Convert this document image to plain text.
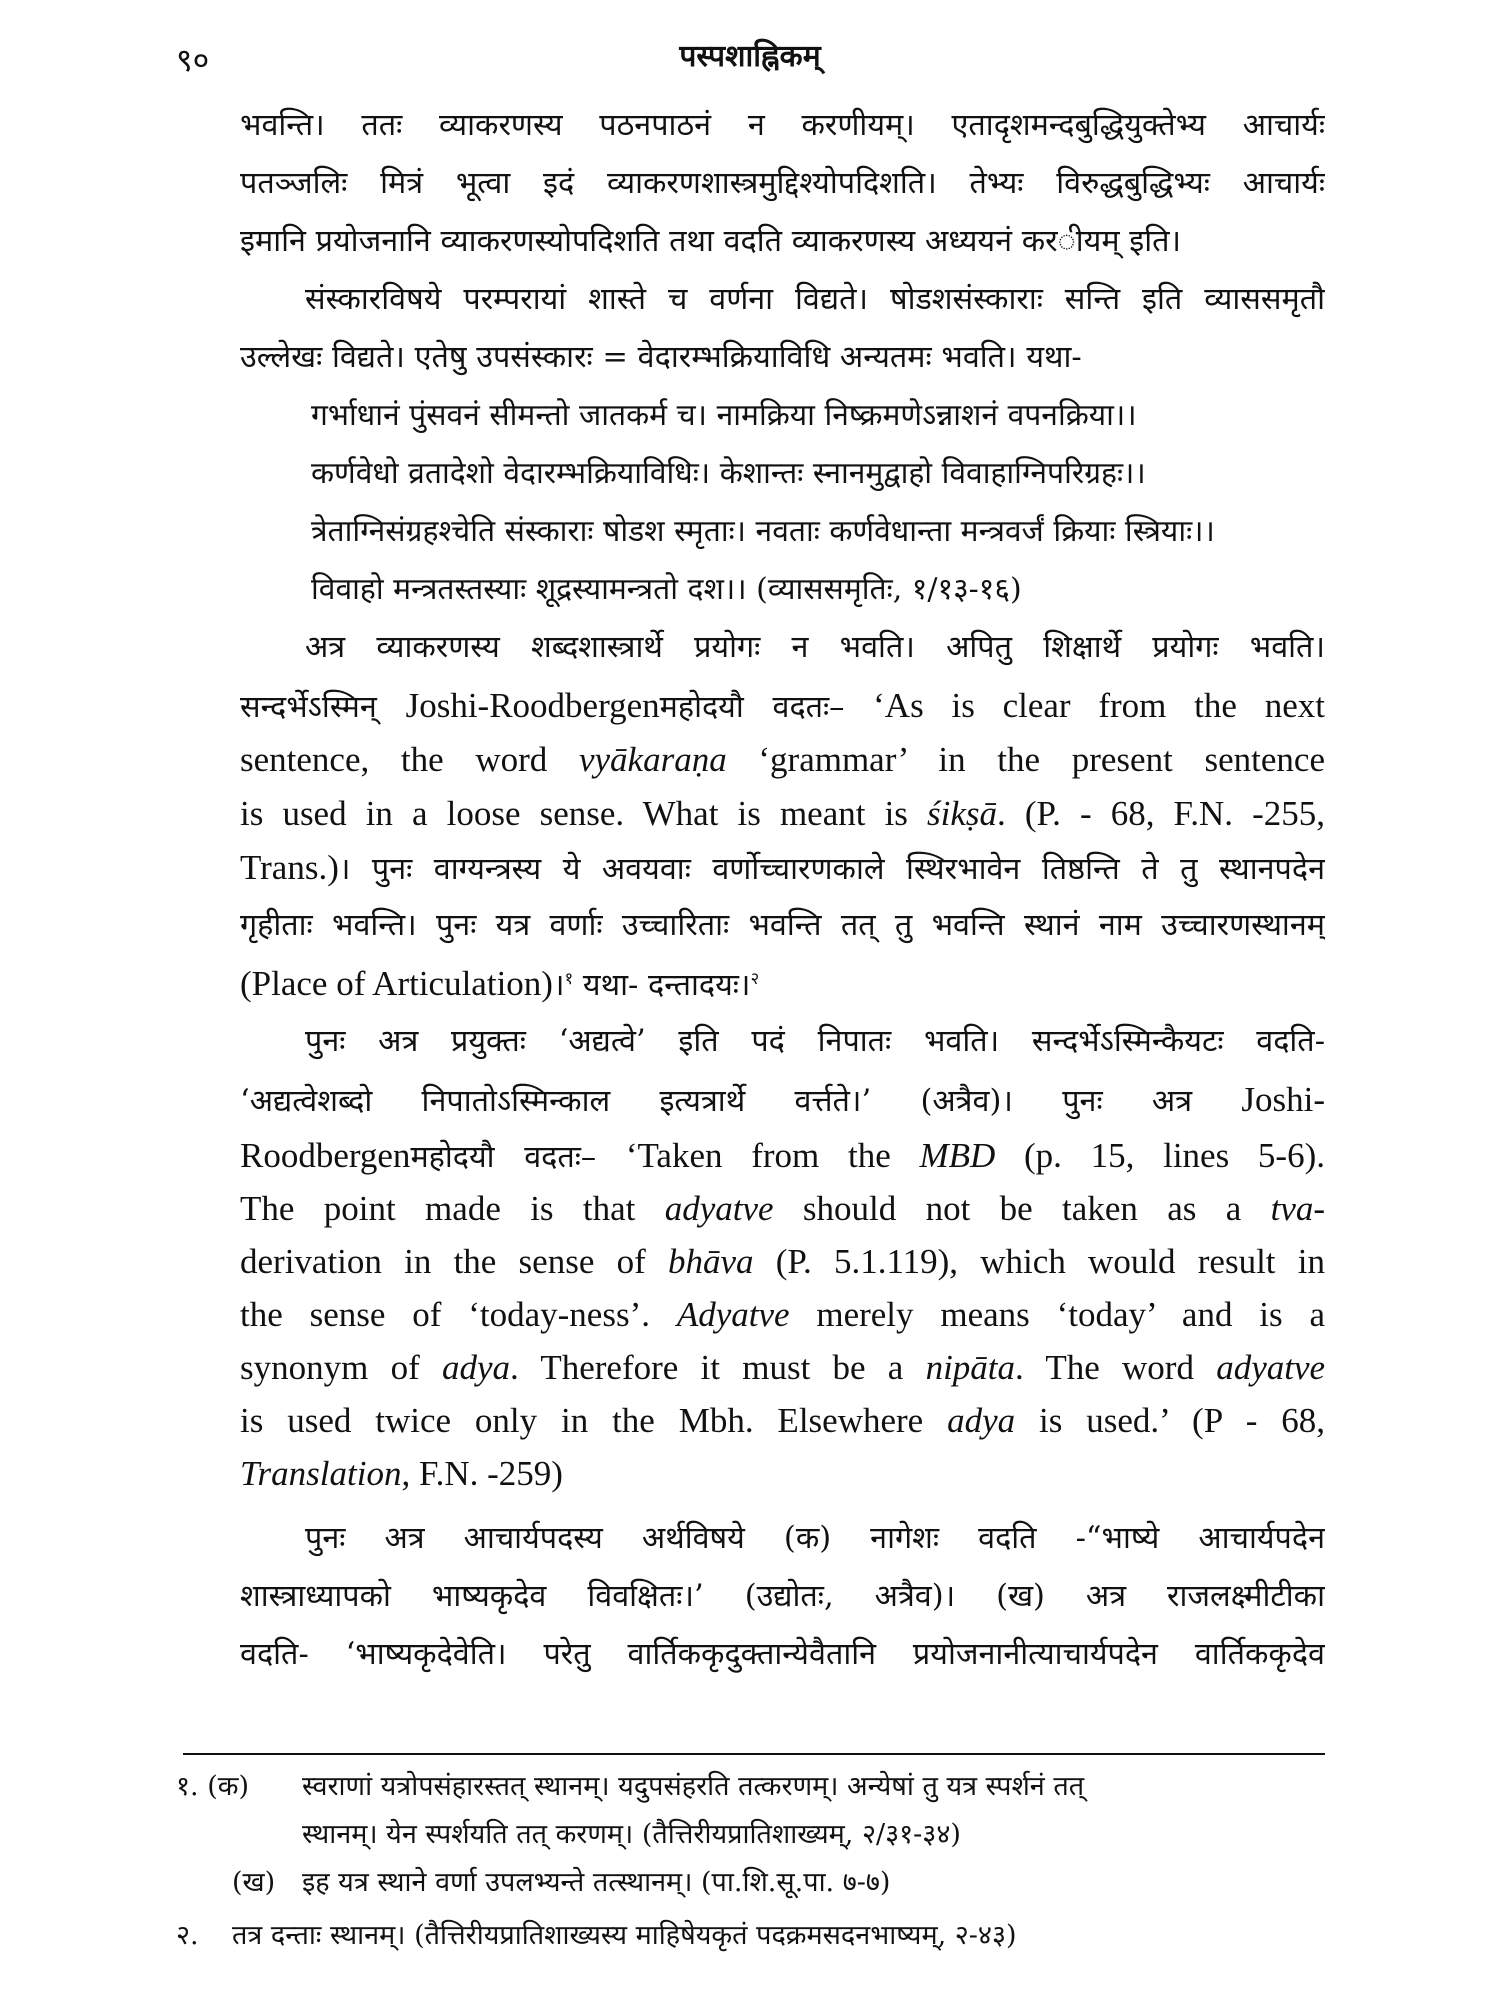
९०	पस्पशाह्निकम्
भवन्ति। ततः व्याकरणस्य पठनपाठनं न करणीयम्। एतादृशमन्दबुद्धियुक्तेभ्य आचार्यः
पतञ्जलिः मित्रं भूत्वा इदं व्याकरणशास्त्रमुद्दिश्योपदिशति। तेभ्यः विरुद्धबुद्धिभ्यः आचार्यः
इमानि प्रयोजनानि व्याकरणस्योपदिशति तथा वदति व्याकरणस्य अध्ययनं कर◌ीयम् इति।
संस्कारविषये परम्परायां शास्ते च वर्णना विद्यते। षोडशसंस्काराः सन्ति इति व्याससमृतौ
उल्लेखः विद्यते। एतेषु उपसंस्कारः = वेदारम्भक्रियाविधि अन्यतमः भवति। यथा-
गर्भाधानं पुंसवनं सीमन्तो जातकर्म च। नामक्रिया निष्क्रमणेऽन्नाशनं वपनक्रिया।।
कर्णवेधो व्रतादेशो वेदारम्भक्रियाविधिः। केशान्तः स्नानमुद्वाहो विवाहाग्निपरिग्रहः।।
त्रेताग्निसंग्रहश्चेति संस्काराः षोडश स्मृताः। नवताः कर्णवेधान्ता मन्त्रवर्जं क्रियाः स्त्रियाः।।
विवाहो मन्त्रतस्तस्याः शूद्रस्यामन्त्रतो दश।। (व्याससमृतिः, १/१३-१६)
अत्र व्याकरणस्य शब्दशास्त्रार्थे प्रयोगः न भवति। अपितु शिक्षार्थे प्रयोगः भवति।
सन्दर्भेऽस्मिन् Joshi-Roodbergenमहोदयौ वदतः– ‘As is clear from the next
sentence, the word vyākaraṇa ‘grammar’ in the present sentence
is used in a loose sense. What is meant is śikṣā. (P. - 68, F.N. -255,
Trans.)। पुनः वाग्यन्त्रस्य ये अवयवाः वर्णोच्चारणकाले स्थिरभावेन तिष्ठन्ति ते तु स्थानपदेन
गृहीताः भवन्ति। पुनः यत्र वर्णाः उच्चारिताः भवन्ति तत् तु भवन्ति स्थानं नाम उच्चारणस्थानम्
(Place of Articulation)।$^१$ यथा- दन्तादयः।$^२$
पुनः अत्र प्रयुक्तः ‘अद्यत्वे’ इति पदं निपातः भवति। सन्दर्भेऽस्मिन्कैयटः वदति-
‘अद्यत्वेशब्दो निपातोऽस्मिन्काल इत्यत्रार्थे वर्त्तते।’ (अत्रैव)। पुनः अत्र Joshi-
Roodbergenमहोदयौ वदतः– ‘Taken from the MBD (p. 15, lines 5-6).
The point made is that adyatve should not be taken as a tva-
derivation in the sense of bhāva (P. 5.1.119), which would result in
the sense of ‘today-ness’. Adyatve merely means ‘today’ and is a
synonym of adya. Therefore it must be a nipāta. The word adyatve
is used twice only in the Mbh. Elsewhere adya is used.’ (P - 68,
Translation, F.N. -259)
पुनः अत्र आचार्यपदस्य अर्थविषये (क) नागेशः वदति -“भाष्ये आचार्यपदेन
शास्त्राध्यापको भाष्यकृदेव विवक्षितः।’ (उद्योतः, अत्रैव)। (ख) अत्र राजलक्ष्मीटीका
वदति- ‘भाष्यकृदेवेति। परेतु वार्तिककृदुक्तान्येवैतानि प्रयोजनानीत्याचार्यपदेन वार्तिककृदेव
१. (क)	स्वराणां यत्रोपसंहारस्तत् स्थानम्। यदुपसंहरति तत्करणम्। अन्येषां तु यत्र स्पर्शनं तत्
स्थानम्। येन स्पर्शयति तत् करणम्। (तैत्तिरीयप्रातिशाख्यम्, २/३१-३४)
(ख) इह यत्र स्थाने वर्णा उपलभ्यन्ते तत्स्थानम्। (पा.शि.सू.पा. ७-७)
२.	तत्र दन्ताः स्थानम्। (तैत्तिरीयप्रातिशाख्यस्य माहिषेयकृतं पदक्रमसदनभाष्यम्, २-४३)
